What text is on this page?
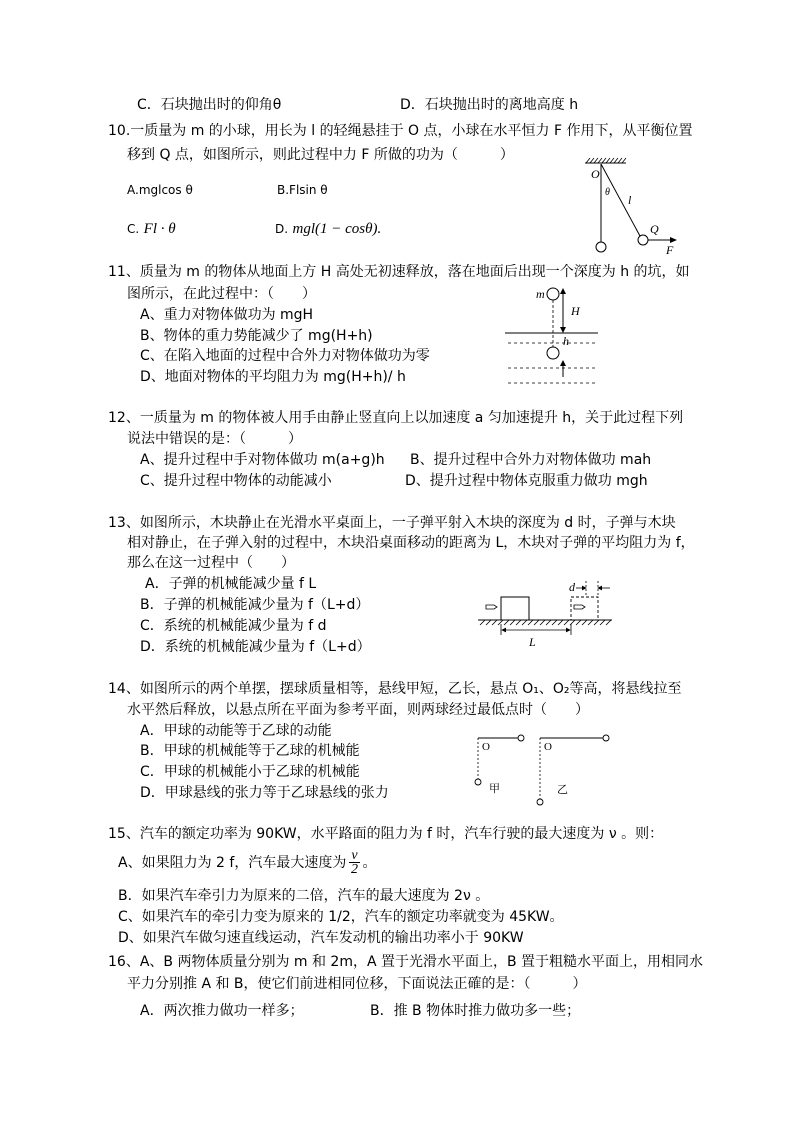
C．石块抛出时的仰角θ	D．石块抛出时的离地高度 h
10.一质量为 m 的小球，用长为 l 的轻绳悬挂于 O 点，小球在水平恒力 F 作用下，从平衡位置
移到 Q 点，如图所示，则此过程中力 F 所做的功为（　　　）
A.mglcos θ	B.Flsin θ
C. Fl · θ	D. mgl(1 − cosθ).
O
θ
l
Q
F
11、质量为 m 的物体从地面上方 H 高处无初速释放，落在地面后出现一个深度为 h 的坑，如
图所示，在此过程中：（　　）
A、重力对物体做功为 mgH
B、物体的重力势能减少了 mg(H+h)
C、在陷入地面的过程中合外力对物体做功为零
D、地面对物体的平均阻力为 mg(H+h)/ h
m
H
h
12、一质量为 m 的物体被人用手由静止竖直向上以加速度 a 匀加速提升 h，关于此过程下列
说法中错误的是：（　　　）
A、提升过程中手对物体做功 m(a+g)h B、提升过程中合外力对物体做功 mah
C、提升过程中物体的动能减小	D、提升过程中物体克服重力做功 mgh
13、如图所示，木块静止在光滑水平桌面上，一子弹平射入木块的深度为 d 时，子弹与木块
相对静止，在子弹入射的过程中，木块沿桌面移动的距离为 L，木块对子弹的平均阻力为 f，
那么在这一过程中（　　）
A．子弹的机械能减少量 f L
B．子弹的机械能减少量为 f（L+d）
C．系统的机械能减少量为 f d
D．系统的机械能减少量为 f（L+d）
d
L
14、如图所示的两个单摆，摆球质量相等，悬线甲短，乙长，悬点 O₁、O₂等高，将悬线拉至
水平然后释放，以悬点所在平面为参考平面，则两球经过最低点时（　　）
A．甲球的动能等于乙球的动能
B．甲球的机械能等于乙球的机械能
C．甲球的机械能小于乙球的机械能
D．甲球悬线的张力等于乙球悬线的张力
O	O
甲	乙
15、汽车的额定功率为 90KW，水平路面的阻力为 f 时，汽车行驶的最大速度为 ν 。则：
A、如果阻力为 2 f，汽车最大速度为 $\frac{\nu}{2}$ 。
B．如果汽车牵引力为原来的二倍，汽车的最大速度为 2ν 。
C、如果汽车的牵引力变为原来的 1/2，汽车的额定功率就变为 45KW。
D、如果汽车做匀速直线运动，汽车发动机的输出功率小于 90KW
16、A、B 两物体质量分别为 m 和 2m，A 置于光滑水平面上，B 置于粗糙水平面上，用相同水
平力分别推 A 和 B，使它们前进相同位移，下面说法正確的是：（　　　）
A．两次推力做功一样多；	B．推 B 物体时推力做功多一些；
